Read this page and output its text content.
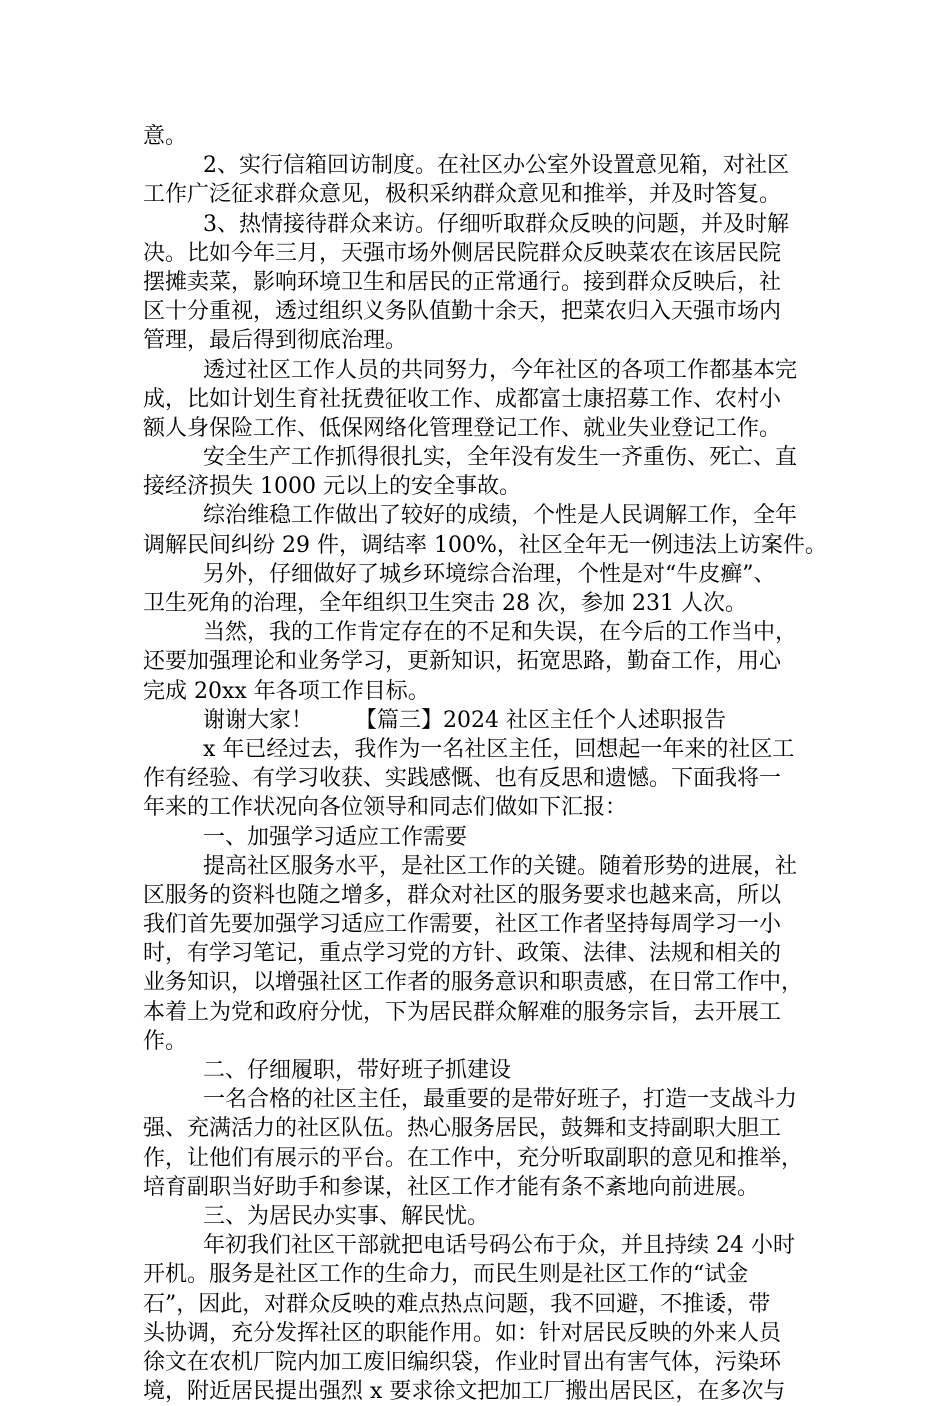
意。
2、实行信箱回访制度。在社区办公室外设置意见箱，对社区
工作广泛征求群众意见，极积采纳群众意见和推举，并及时答复。
3、热情接待群众来访。仔细听取群众反映的问题，并及时解
决。比如今年三月，天强市场外侧居民院群众反映菜农在该居民院
摆摊卖菜，影响环境卫生和居民的正常通行。接到群众反映后，社
区十分重视，透过组织义务队值勤十余天，把菜农归入天强市场内
管理，最后得到彻底治理。
透过社区工作人员的共同努力，今年社区的各项工作都基本完
成，比如计划生育社抚费征收工作、成都富士康招募工作、农村小
额人身保险工作、低保网络化管理登记工作、就业失业登记工作。
安全生产工作抓得很扎实，全年没有发生一齐重伤、死亡、直
接经济损失 1000 元以上的安全事故。
综治维稳工作做出了较好的成绩，个性是人民调解工作，全年
调解民间纠纷 29 件，调结率 100%，社区全年无一例违法上访案件。
另外，仔细做好了城乡环境综合治理，个性是对“牛皮癣”、
卫生死角的治理，全年组织卫生突击 28 次，参加 231 人次。
当然，我的工作肯定存在的不足和失误，在今后的工作当中，
还要加强理论和业务学习，更新知识，拓宽思路，勤奋工作，用心
完成 20xx 年各项工作目标。
谢谢大家！ 【篇三】2024 社区主任个人述职报告
x 年已经过去，我作为一名社区主任，回想起一年来的社区工
作有经验、有学习收获、实践感慨、也有反思和遗憾。下面我将一
年来的工作状况向各位领导和同志们做如下汇报：
一、加强学习适应工作需要
提高社区服务水平，是社区工作的关键。随着形势的进展，社
区服务的资料也随之增多，群众对社区的服务要求也越来高，所以
我们首先要加强学习适应工作需要，社区工作者坚持每周学习一小
时，有学习笔记，重点学习党的方针、政策、法律、法规和相关的
业务知识，以增强社区工作者的服务意识和职责感，在日常工作中，
本着上为党和政府分忧，下为居民群众解难的服务宗旨，去开展工
作。
二、仔细履职，带好班子抓建设
一名合格的社区主任，最重要的是带好班子，打造一支战斗力
强、充满活力的社区队伍。热心服务居民，鼓舞和支持副职大胆工
作，让他们有展示的平台。在工作中，充分听取副职的意见和推举，
培育副职当好助手和参谋，社区工作才能有条不紊地向前进展。
三、为居民办实事、解民忧。
年初我们社区干部就把电话号码公布于众，并且持续 24 小时
开机。服务是社区工作的生命力，而民生则是社区工作的“试金
石”，因此，对群众反映的难点热点问题，我不回避，不推诿，带
头协调，充分发挥社区的职能作用。如：针对居民反映的外来人员
徐文在农机厂院内加工废旧编织袋，作业时冒出有害气体，污染环
境，附近居民提出强烈 x 要求徐文把加工厂搬出居民区，在多次与
